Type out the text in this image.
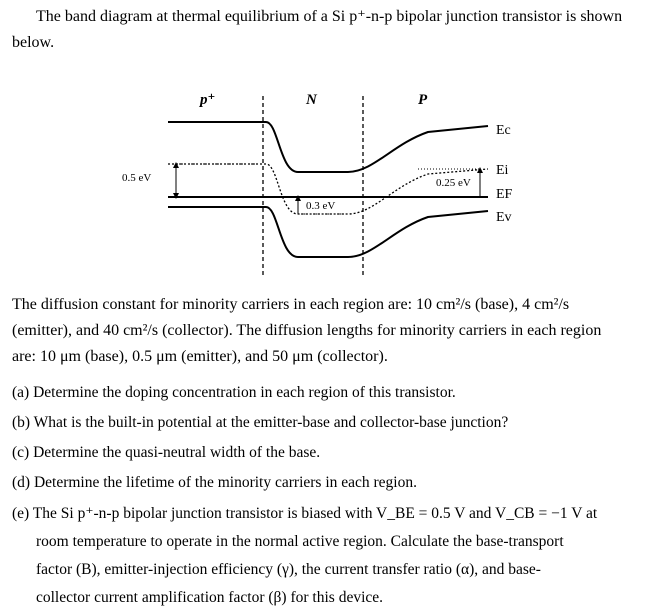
The band diagram at thermal equilibrium of a Si p⁺-n-p bipolar junction transistor is shown
below.
p⁺	N	P
0.5 eV
0.3 eV
0.25 eV
Ec
Ei
EF
Ev
The diffusion constant for minority carriers in each region are: 10 cm²/s (base), 4 cm²/s
(emitter), and 40 cm²/s (collector). The diffusion lengths for minority carriers in each region
are: 10 μm (base), 0.5 μm (emitter), and 50 μm (collector).
(a) Determine the doping concentration in each region of this transistor.
(b) What is the built-in potential at the emitter-base and collector-base junction?
(c) Determine the quasi-neutral width of the base.
(d) Determine the lifetime of the minority carriers in each region.
(e) The Si p⁺-n-p bipolar junction transistor is biased with V_BE = 0.5 V and V_CB = −1 V at
room temperature to operate in the normal active region. Calculate the base-transport
factor (B), emitter-injection efficiency (γ), the current transfer ratio (α), and base-
collector current amplification factor (β) for this device.
